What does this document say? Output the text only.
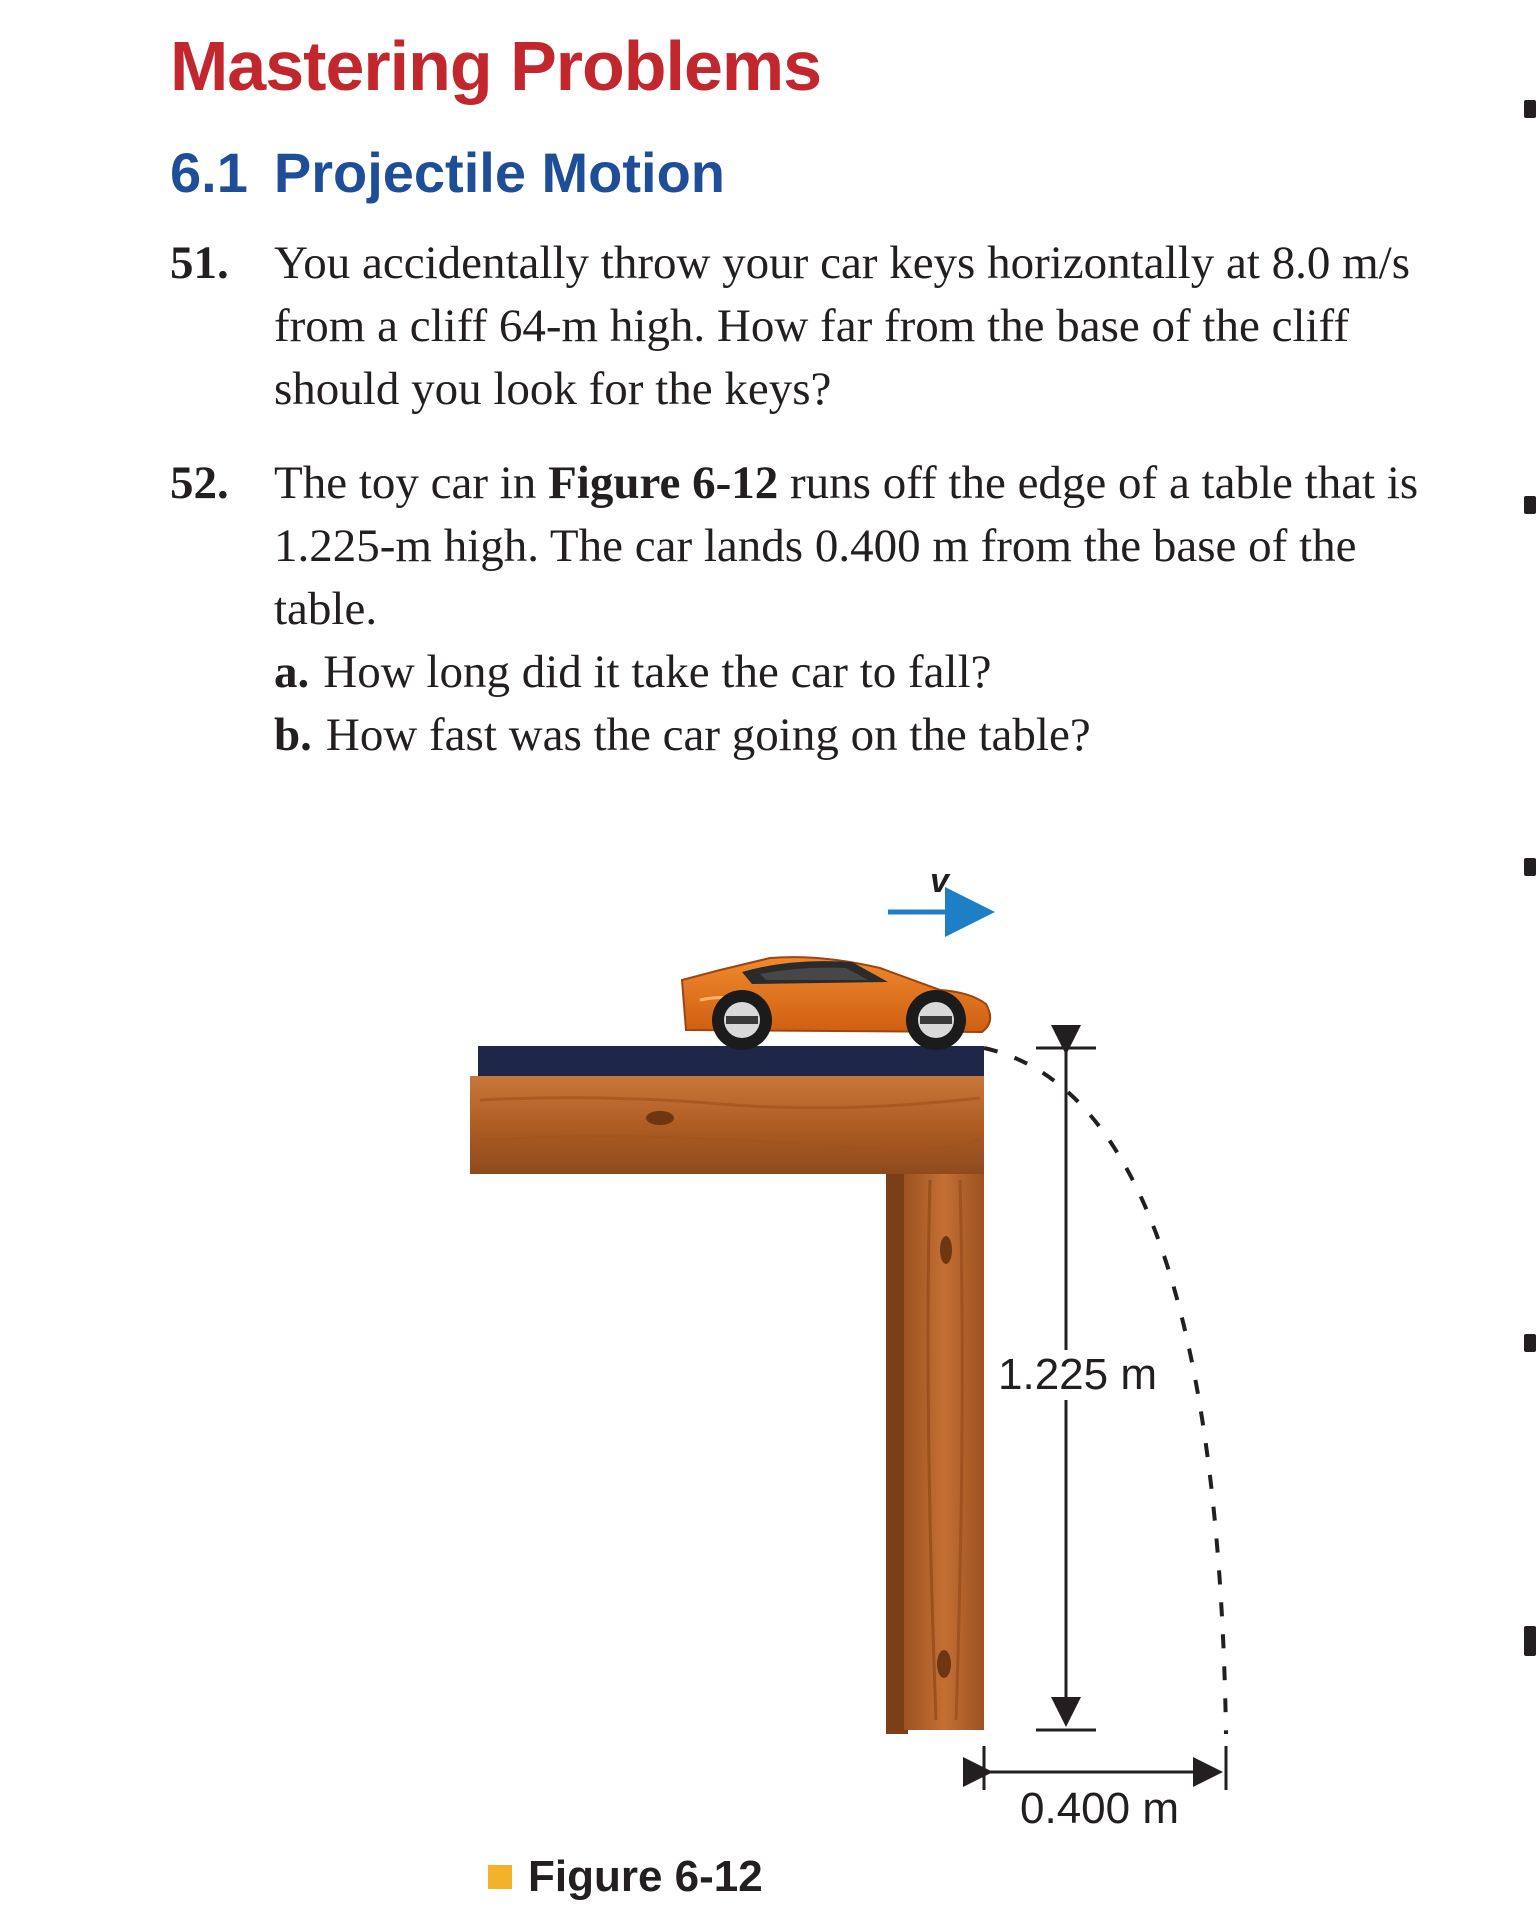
Mastering Problems
6.1 Projectile Motion
51. You accidentally throw your car keys horizontally at 8.0 m/s from a cliff 64-m high. How far from the base of the cliff should you look for the keys?
52. The toy car in Figure 6-12 runs off the edge of a table that is 1.225-m high. The car lands 0.400 m from the base of the table.
a. How long did it take the car to fall?
b. How fast was the car going on the table?
v
1.225 m
0.400 m
Figure 6-12
